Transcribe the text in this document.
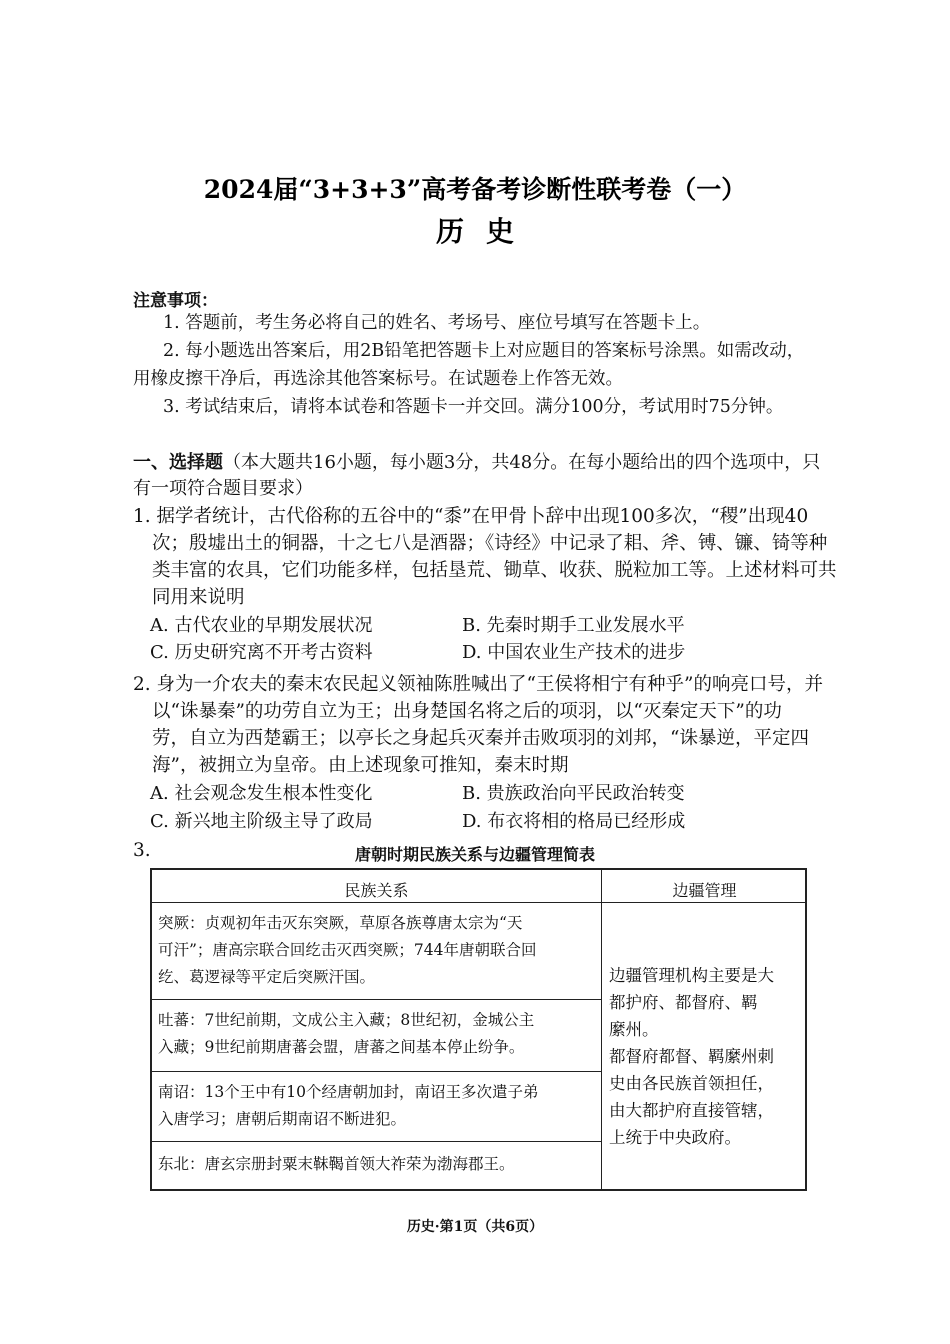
2024届“3+3+3”高考备考诊断性联考卷（一）
历史
注意事项：
1. 答题前，考生务必将自己的姓名、考场号、座位号填写在答题卡上。
2. 每小题选出答案后，用2B铅笔把答题卡上对应题目的答案标号涂黑。如需改动，
用橡皮擦干净后，再选涂其他答案标号。在试题卷上作答无效。
3. 考试结束后，请将本试卷和答题卡一并交回。满分100分，考试用时75分钟。
一、选择题（本大题共16小题，每小题3分，共48分。在每小题给出的四个选项中，只
有一项符合题目要求）
1. 据学者统计，古代俗称的五谷中的“黍”在甲骨卜辞中出现100多次，“稷”出现40
次；殷墟出土的铜器，十之七八是酒器；《诗经》中记录了耜、斧、镈、镰、锜等种
类丰富的农具，它们功能多样，包括垦荒、锄草、收获、脱粒加工等。上述材料可共
同用来说明
A. 古代农业的早期发展状况	B. 先秦时期手工业发展水平
C. 历史研究离不开考古资料	D. 中国农业生产技术的进步
2. 身为一介农夫的秦末农民起义领袖陈胜喊出了“王侯将相宁有种乎”的响亮口号，并
以“诛暴秦”的功劳自立为王；出身楚国名将之后的项羽，以“灭秦定天下”的功
劳，自立为西楚霸王；以亭长之身起兵灭秦并击败项羽的刘邦，“诛暴逆，平定四
海”，被拥立为皇帝。由上述现象可推知，秦末时期
A. 社会观念发生根本性变化	B. 贵族政治向平民政治转变
C. 新兴地主阶级主导了政局	D. 布衣将相的格局已经形成
3.	唐朝时期民族关系与边疆管理简表
民族关系	边疆管理
突厥：贞观初年击灭东突厥，草原各族尊唐太宗为“天
可汗”；唐高宗联合回纥击灭西突厥；744年唐朝联合回
纥、葛逻禄等平定后突厥汗国。
吐蕃：7世纪前期，文成公主入藏；8世纪初，金城公主
入藏；9世纪前期唐蕃会盟，唐蕃之间基本停止纷争。
南诏：13个王中有10个经唐朝加封，南诏王多次遣子弟
入唐学习；唐朝后期南诏不断进犯。
东北：唐玄宗册封粟末靺鞨首领大祚荣为渤海郡王。
边疆管理机构主要是大
都护府、都督府、羁
縻州。
都督府都督、羁縻州刺
史由各民族首领担任，
由大都护府直接管辖，
上统于中央政府。
历史·第1页（共6页）
